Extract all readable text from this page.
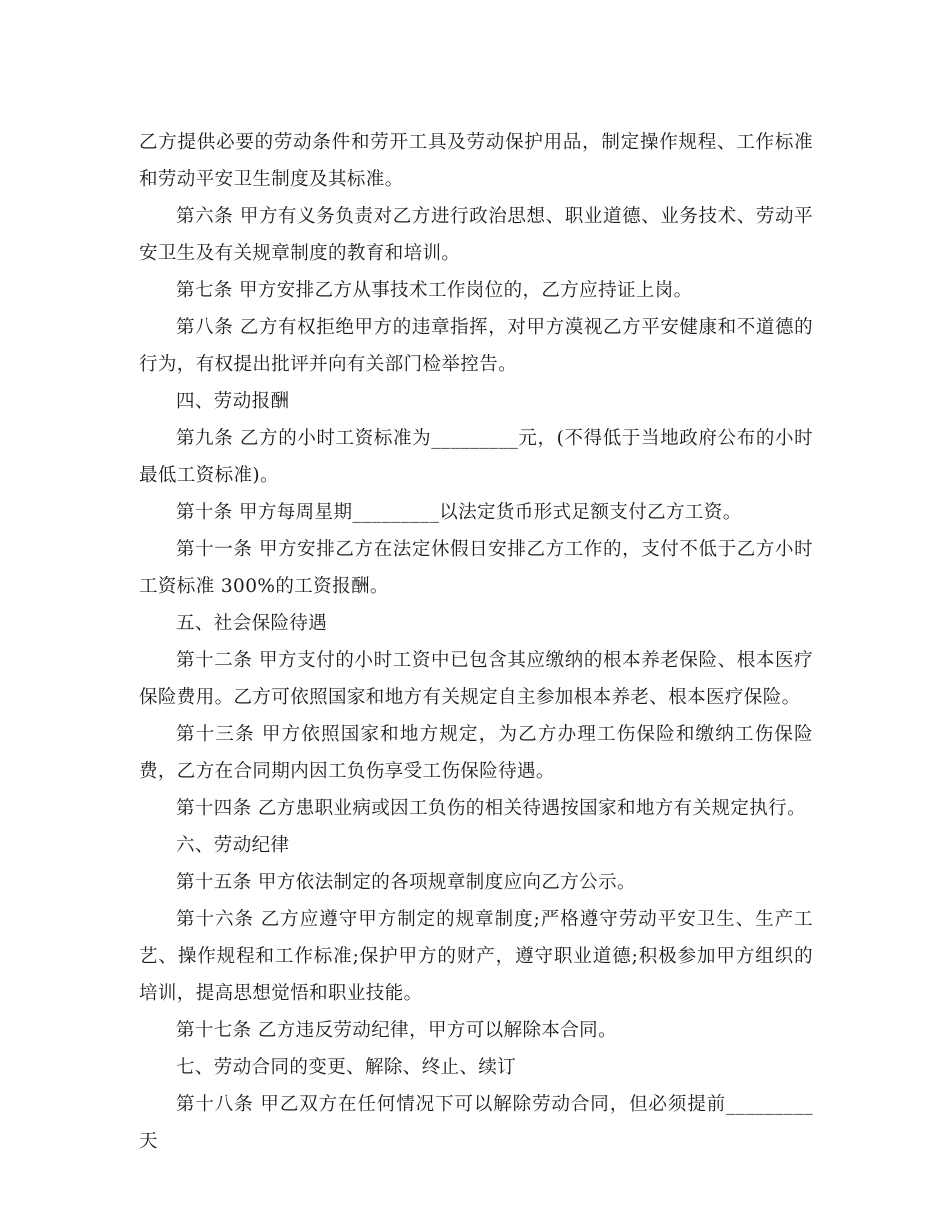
乙方提供必要的劳动条件和劳开工具及劳动保护用品，制定操作规程、工作标准和劳动平安卫生制度及其标准。

第六条 甲方有义务负责对乙方进行政治思想、职业道德、业务技术、劳动平安卫生及有关规章制度的教育和培训。

第七条 甲方安排乙方从事技术工作岗位的，乙方应持证上岗。

第八条 乙方有权拒绝甲方的违章指挥，对甲方漠视乙方平安健康和不道德的行为，有权提出批评并向有关部门检举控告。

四、劳动报酬

第九条 乙方的小时工资标准为_________元，(不得低于当地政府公布的小时最低工资标准)。

第十条 甲方每周星期_________以法定货币形式足额支付乙方工资。

第十一条 甲方安排乙方在法定休假日安排乙方工作的，支付不低于乙方小时工资标准 300%的工资报酬。

五、社会保险待遇

第十二条 甲方支付的小时工资中已包含其应缴纳的根本养老保险、根本医疗保险费用。乙方可依照国家和地方有关规定自主参加根本养老、根本医疗保险。

第十三条 甲方依照国家和地方规定，为乙方办理工伤保险和缴纳工伤保险费，乙方在合同期内因工负伤享受工伤保险待遇。

第十四条 乙方患职业病或因工负伤的相关待遇按国家和地方有关规定执行。

六、劳动纪律

第十五条 甲方依法制定的各项规章制度应向乙方公示。

第十六条 乙方应遵守甲方制定的规章制度;严格遵守劳动平安卫生、生产工艺、操作规程和工作标准;保护甲方的财产，遵守职业道德;积极参加甲方组织的培训，提高思想觉悟和职业技能。

第十七条 乙方违反劳动纪律，甲方可以解除本合同。

七、劳动合同的变更、解除、终止、续订

第十八条 甲乙双方在任何情况下可以解除劳动合同，但必须提前_________天
